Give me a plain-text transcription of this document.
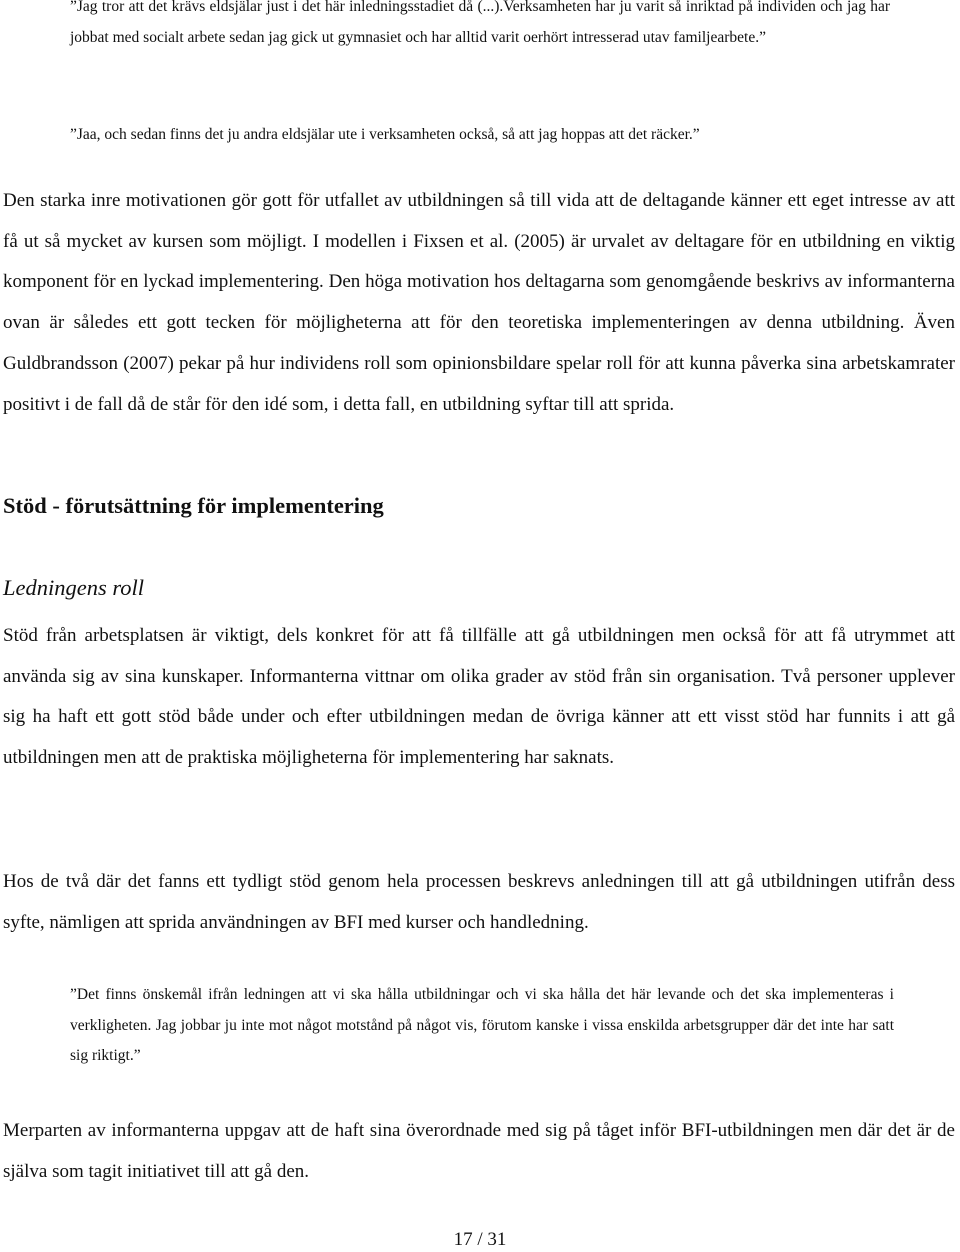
”Jag tror att det krävs eldsjälar just i det här inledningsstadiet då (...).Verksamheten har ju varit så inriktad på individen och jag har jobbat med socialt arbete sedan jag gick ut gymnasiet och har alltid varit oerhört intresserad utav familjearbete.”

”Jaa, och sedan finns det ju andra eldsjälar ute i verksamheten också, så att jag hoppas att det räcker.”

Den starka inre motivationen gör gott för utfallet av utbildningen så till vida att de deltagande känner ett eget intresse av att få ut så mycket av kursen som möjligt. I modellen i Fixsen et al. (2005) är urvalet av deltagare för en utbildning en viktig komponent för en lyckad implementering. Den höga motivation hos deltagarna som genomgående beskrivs av informanterna ovan är således ett gott tecken för möjligheterna att för den teoretiska implementeringen av denna utbildning. Även Guldbrandsson (2007) pekar på hur individens roll som opinionsbildare spelar roll för att kunna påverka sina arbetskamrater positivt i de fall då de står för den idé som, i detta fall, en utbildning syftar till att sprida.

Stöd - förutsättning för implementering
Ledningens roll

Stöd från arbetsplatsen är viktigt, dels konkret för att få tillfälle att gå utbildningen men också för att få utrymmet att använda sig av sina kunskaper. Informanterna vittnar om olika grader av stöd från sin organisation. Två personer upplever sig ha haft ett gott stöd både under och efter utbildningen medan de övriga känner att ett visst stöd har funnits i att gå utbildningen men att de praktiska möjligheterna för implementering har saknats.

Hos de två där det fanns ett tydligt stöd genom hela processen beskrevs anledningen till att gå utbildningen utifrån dess syfte, nämligen att sprida användningen av BFI med kurser och handledning.

”Det finns önskemål ifrån ledningen att vi ska hålla utbildningar och vi ska hålla det här levande och det ska implementeras i verkligheten. Jag jobbar ju inte mot något motstånd på något vis, förutom kanske i vissa enskilda arbetsgrupper där det inte har satt sig riktigt.”

Merparten av informanterna uppgav att de haft sina överordnade med sig på tåget inför BFI-utbildningen men där det är de själva som tagit initiativet till att gå den.

17 / 31
